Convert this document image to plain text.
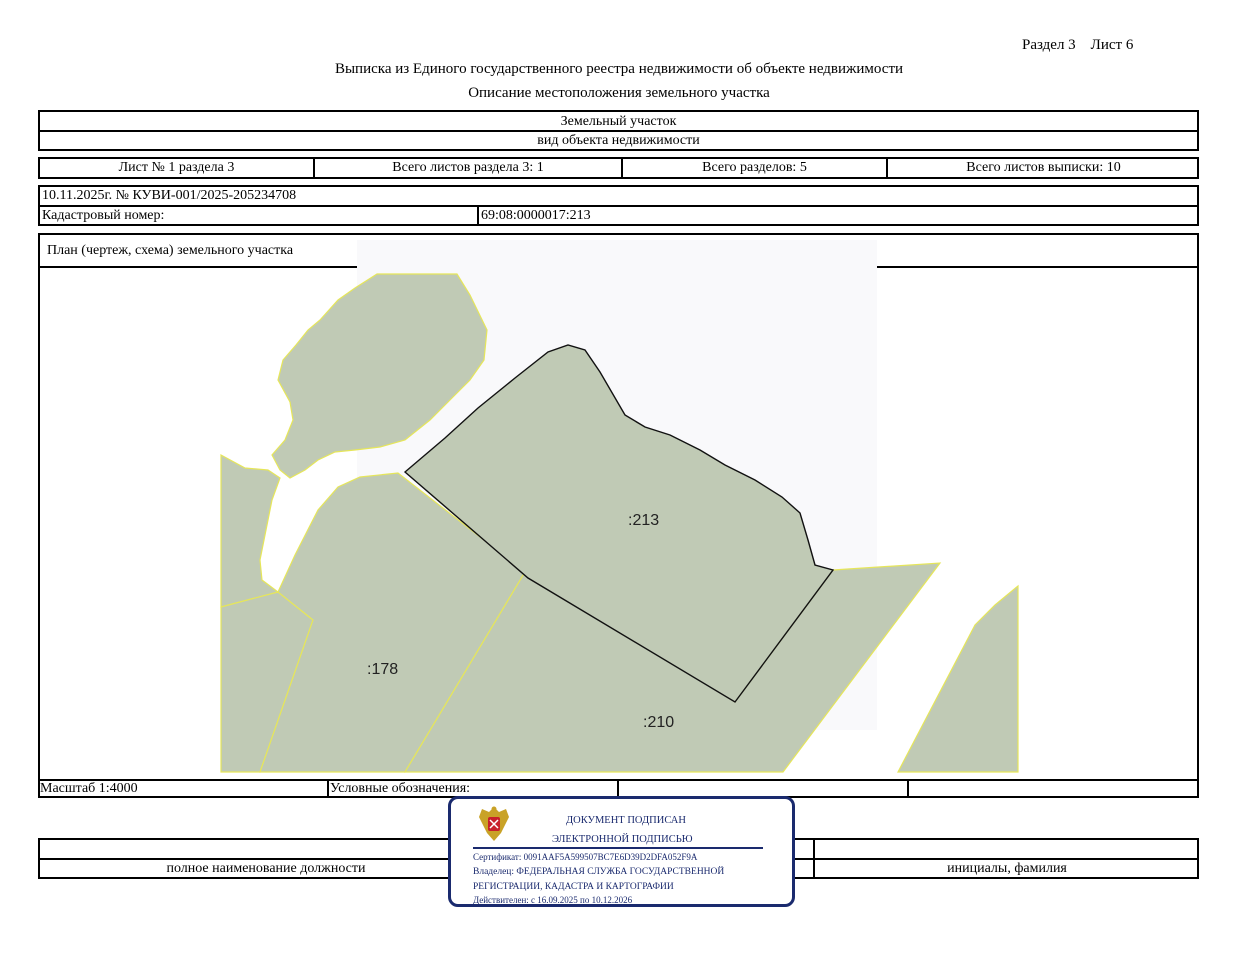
Раздел 3    Лист 6
Выписка из Единого государственного реестра недвижимости об объекте недвижимости
Описание местоположения земельного участка
Земельный участок
вид объекта недвижимости
Лист № 1 раздела 3	Всего листов раздела 3: 1	Всего разделов: 5	Всего листов выписки: 10
10.11.2025г. № КУВИ-001/2025-205234708
Кадастровый номер:	69:08:0000017:213
План (чертеж, схема) земельного участка
:213
:178
:210
Масштаб 1:4000	Условные обозначения:
полное наименование должности	инициалы, фамилия
ДОКУМЕНТ ПОДПИСАН
ЭЛЕКТРОННОЙ ПОДПИСЬЮ
Сертификат: 0091AAF5A599507BC7E6D39D2DFA052F9A
Владелец: ФЕДЕРАЛЬНАЯ СЛУЖБА ГОСУДАРСТВЕННОЙ
РЕГИСТРАЦИИ, КАДАСТРА И КАРТОГРАФИИ
Действителен: с 16.09.2025 по 10.12.2026
